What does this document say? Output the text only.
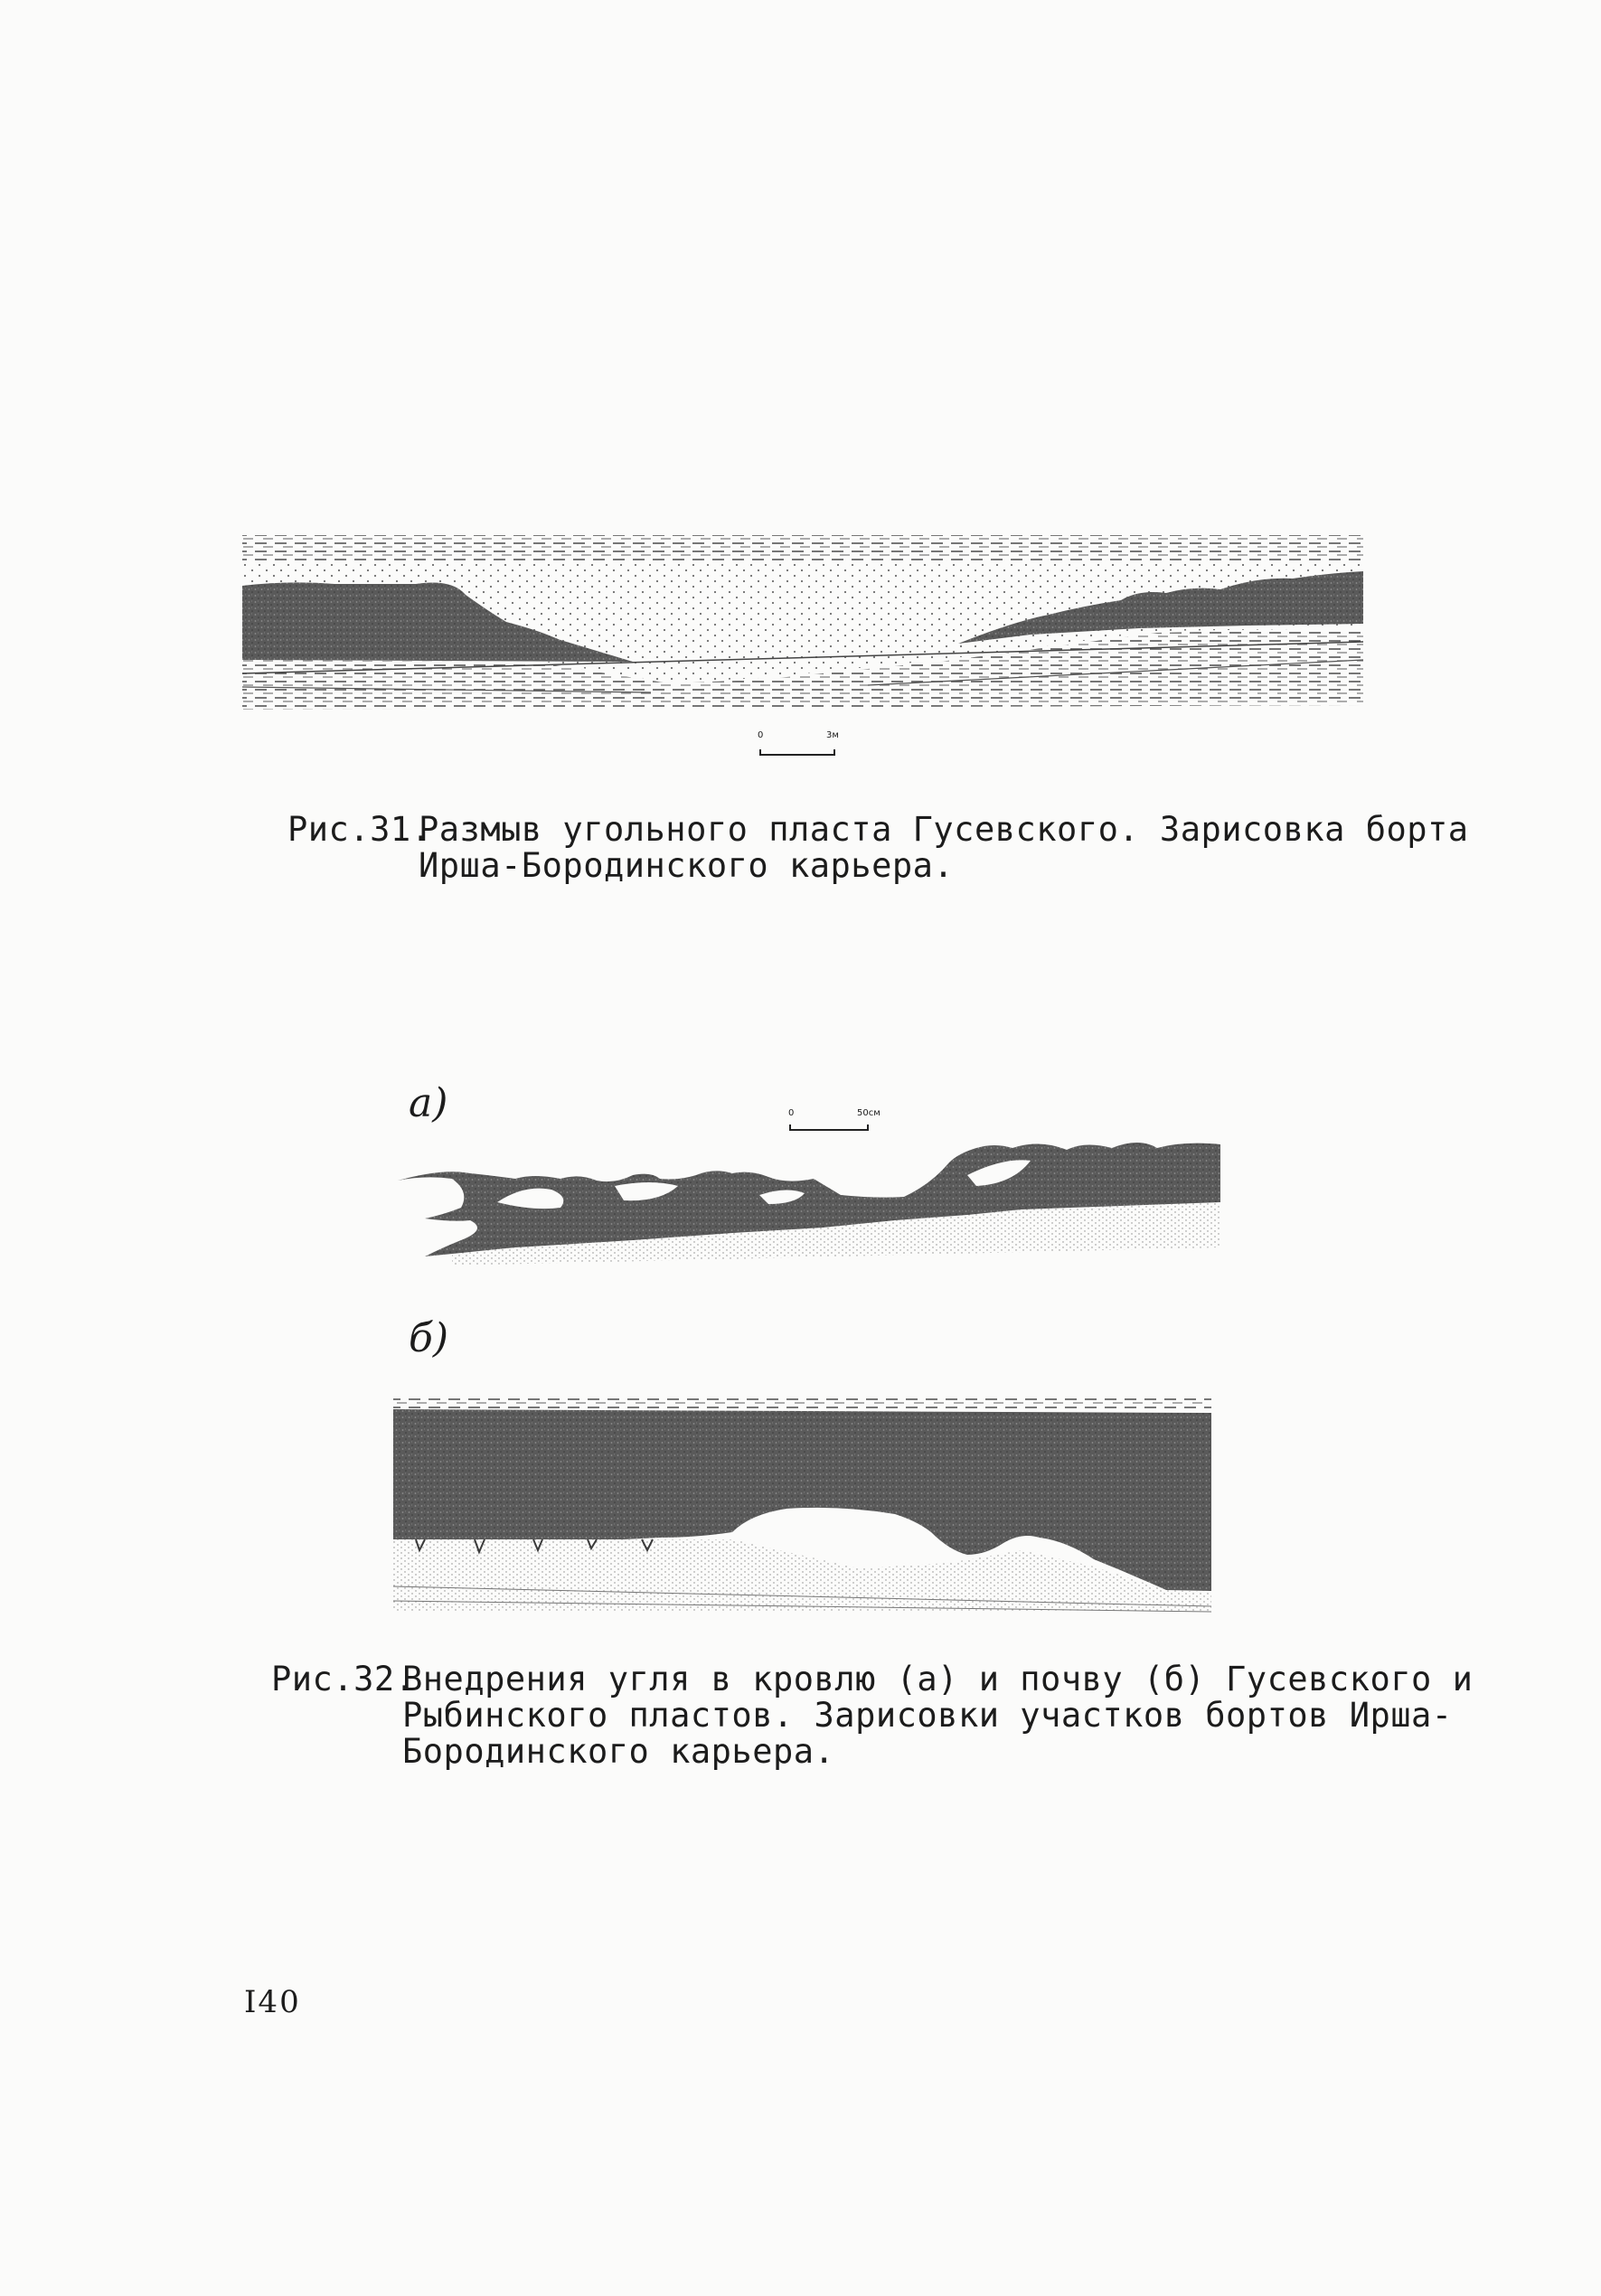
0	3м
Рис.31.Размыв угольного пласта Гусевского. Зарисовка борта
Ирша-Бородинского карьера.
а)
б)
0	50см
Рис.32.Внедрения угля в кровлю (а) и почву (б) Гусевского и
Рыбинского пластов. Зарисовки участков бортов Ирша-
Бородинского карьера.
I40
